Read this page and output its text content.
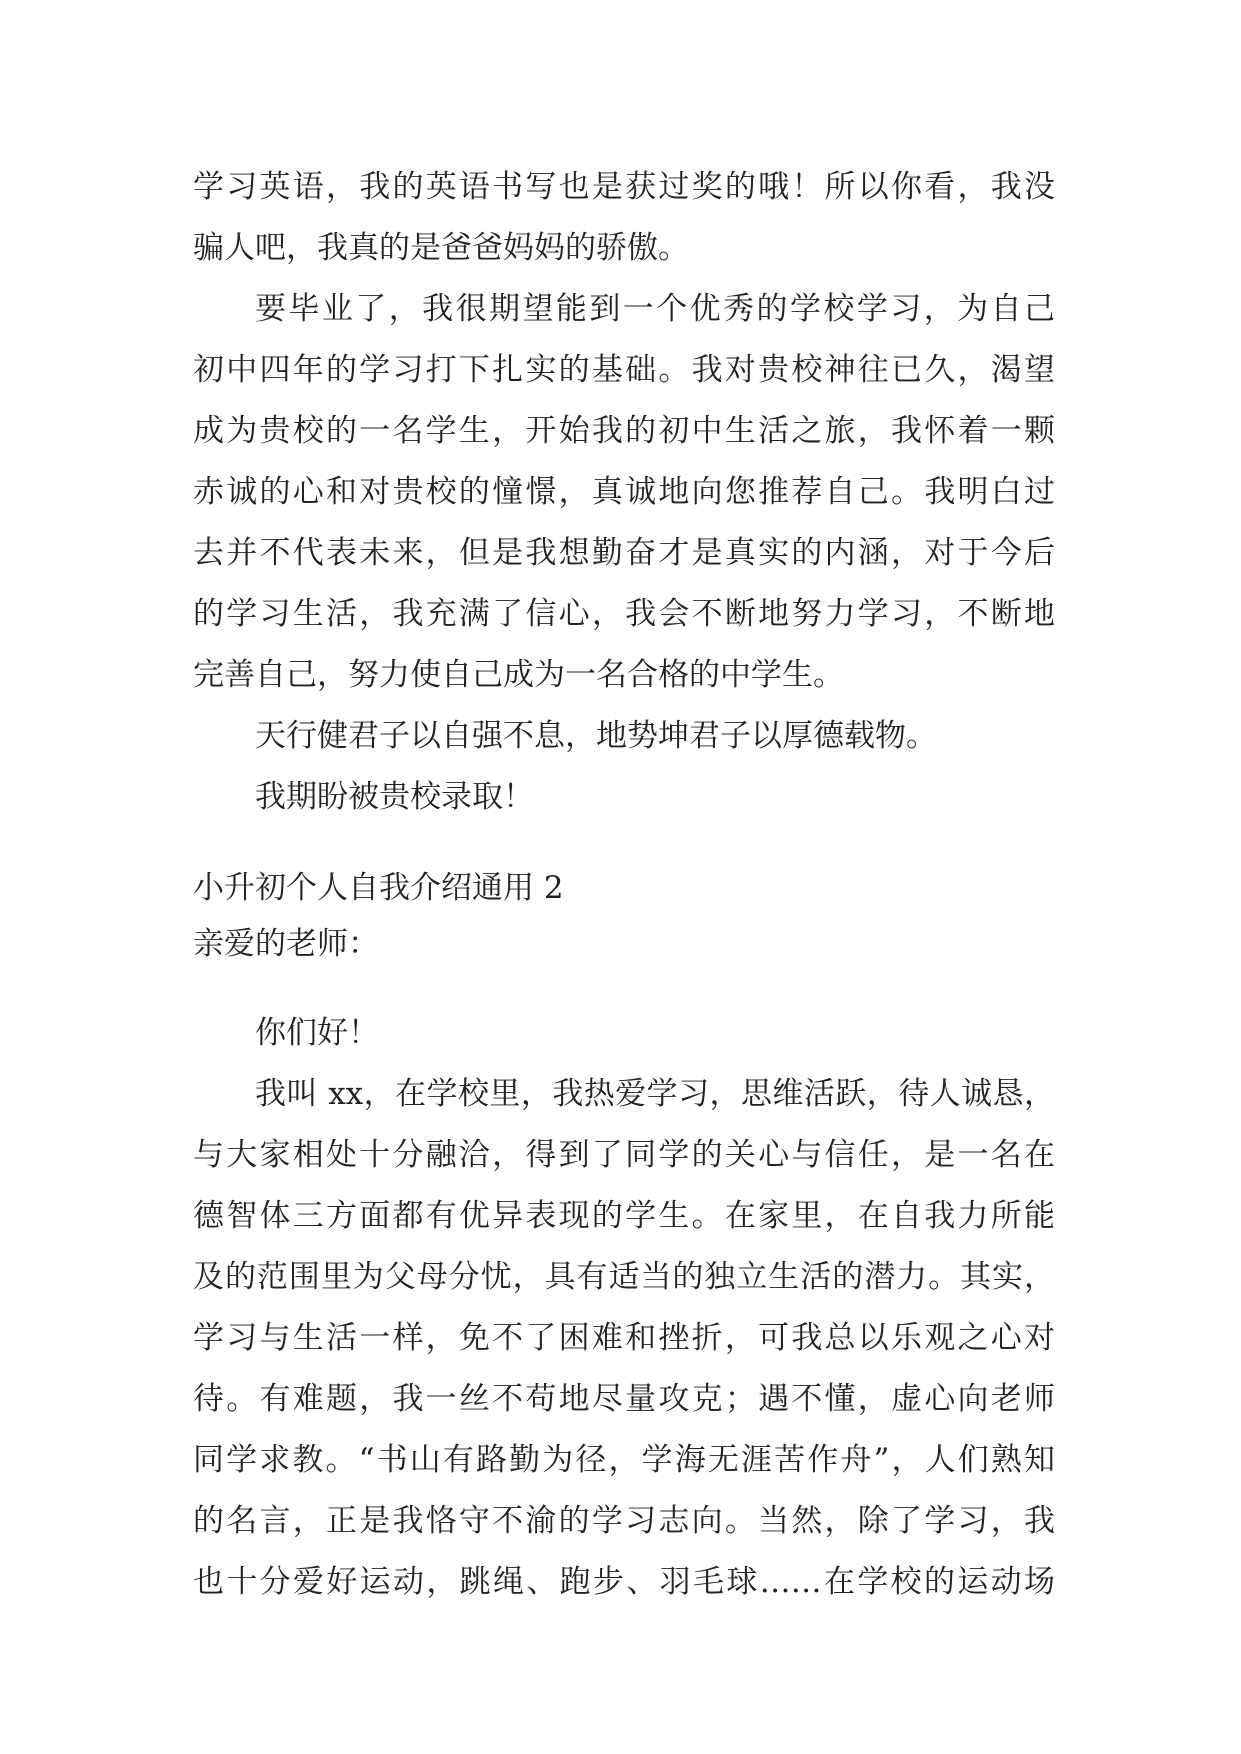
学习英语，我的英语书写也是获过奖的哦！所以你看，我没
骗人吧，我真的是爸爸妈妈的骄傲。
要毕业了，我很期望能到一个优秀的学校学习，为自己
初中四年的学习打下扎实的基础。我对贵校神往已久，渴望
成为贵校的一名学生，开始我的初中生活之旅，我怀着一颗
赤诚的心和对贵校的憧憬，真诚地向您推荐自己。我明白过
去并不代表未来，但是我想勤奋才是真实的内涵，对于今后
的学习生活，我充满了信心，我会不断地努力学习，不断地
完善自己，努力使自己成为一名合格的中学生。
天行健君子以自强不息，地势坤君子以厚德载物。
我期盼被贵校录取！
小升初个人自我介绍通用 2
亲爱的老师：
你们好！
我叫 xx，在学校里，我热爱学习，思维活跃，待人诚恳，
与大家相处十分融洽，得到了同学的关心与信任，是一名在
德智体三方面都有优异表现的学生。在家里，在自我力所能
及的范围里为父母分忧，具有适当的独立生活的潜力。其实，
学习与生活一样，免不了困难和挫折，可我总以乐观之心对
待。有难题，我一丝不苟地尽量攻克；遇不懂，虚心向老师
同学求教。“书山有路勤为径，学海无涯苦作舟”，人们熟知
的名言，正是我恪守不渝的学习志向。当然，除了学习，我
也十分爱好运动，跳绳、跑步、羽毛球……在学校的运动场
